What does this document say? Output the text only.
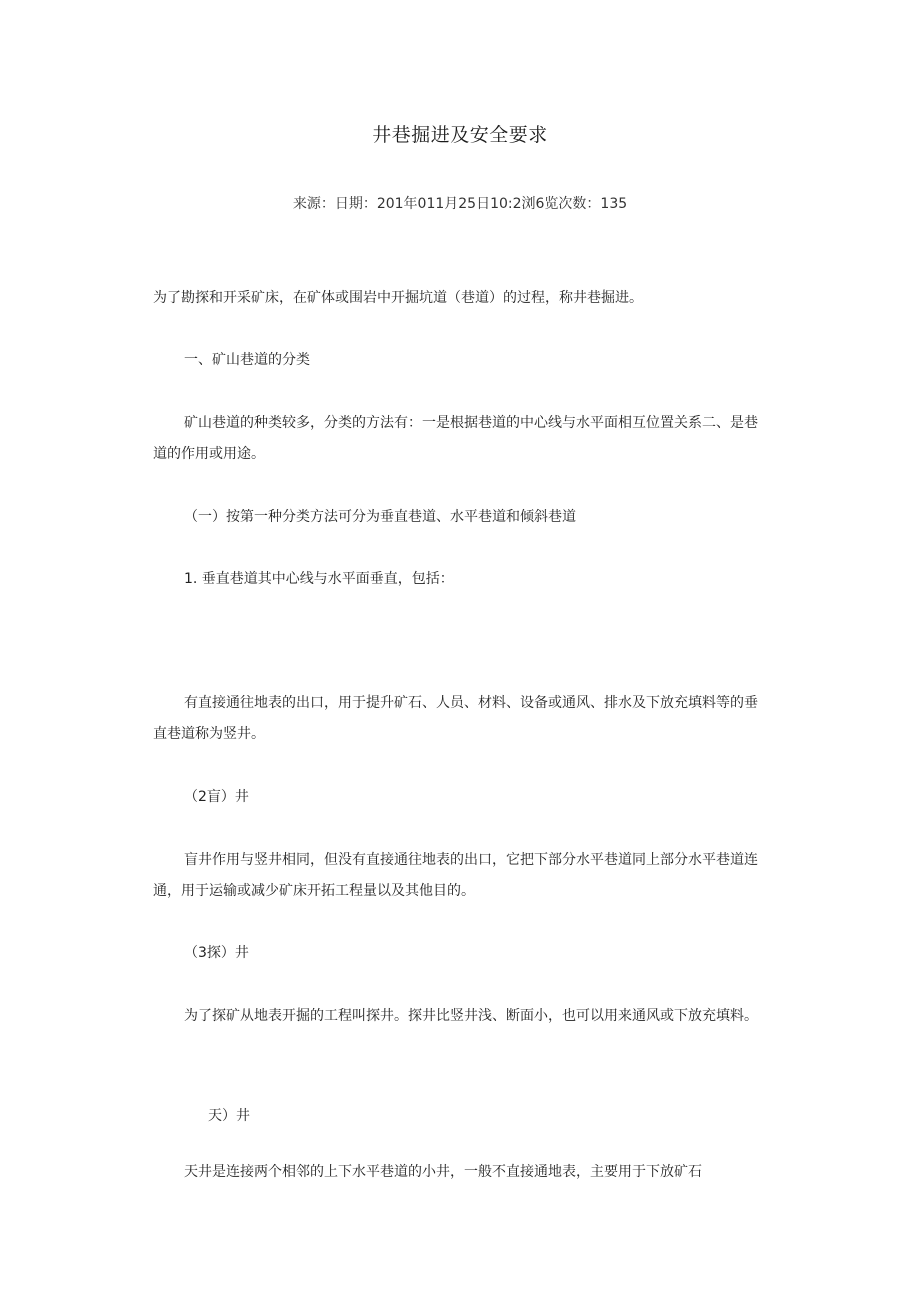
井巷掘进及安全要求
来源：日期：201年011月25日10:2浏6览次数：135
为了勘探和开采矿床，在矿体或围岩中开掘坑道（巷道）的过程，称井巷掘进。
一、矿山巷道的分类
矿山巷道的种类较多，分类的方法有：一是根据巷道的中心线与水平面相互位置关系二、是巷道的作用或用途。
（一）按第一种分类方法可分为垂直巷道、水平巷道和倾斜巷道
1. 垂直巷道其中心线与水平面垂直，包括：
有直接通往地表的出口，用于提升矿石、人员、材料、设备或通风、排水及下放充填料等的垂直巷道称为竖井。
（2盲）井
盲井作用与竖井相同，但没有直接通往地表的出口，它把下部分水平巷道同上部分水平巷道连通，用于运输或减少矿床开拓工程量以及其他目的。
（3探）井
为了探矿从地表开掘的工程叫探井。探井比竖井浅、断面小，也可以用来通风或下放充填料。
天）井
天井是连接两个相邻的上下水平巷道的小井，一般不直接通地表，主要用于下放矿石
